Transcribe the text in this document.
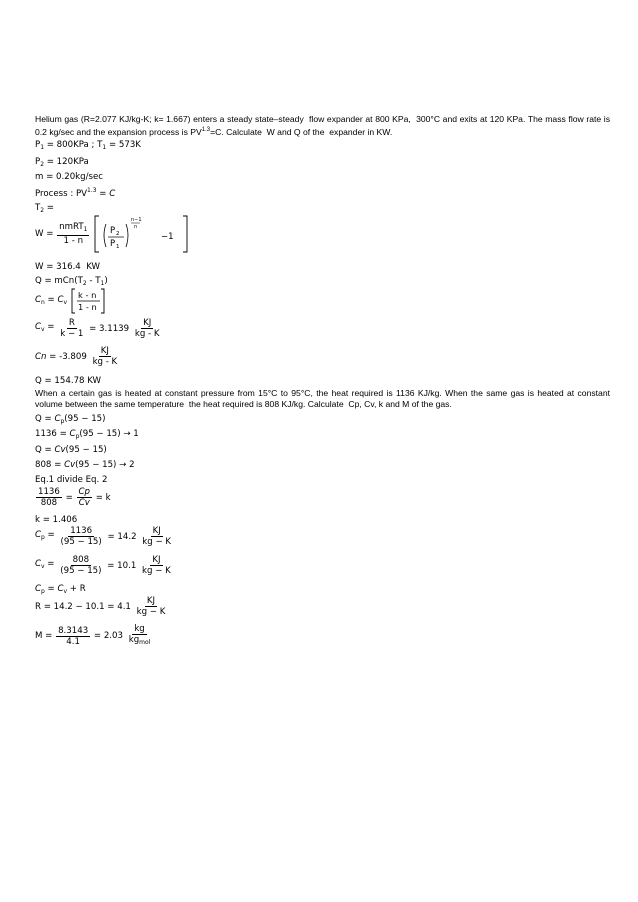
Helium gas (R=2.077 KJ/kg-K; k= 1.667) enters a steady state–steady  flow expander at 800 KPa,  300°C and exits at 120 KPa. The mass flow rate is 0.2 kg/sec and the expansion process is $PV^{1.3}=C$. Calculate  W and Q of the  expander in KW.
$P_1 = 800KPa$ ; $T_1 = 573K$
$P_2 = 120KPa$
m = 0.20kg/sec
Process : $PV^{1.3} = C$
$T_2$ =
$W = \frac{nmRT_1}{1 - n}$
P 2
P 1
n−1
n
−1
W = 316.4  KW
$Q = mCn(T_2 - T_1)$
$C_n = C_v$
k - n
1 - n
$C_v = \frac{R}{k - 1} = 3.1139 \frac{KJ}{kg - K}$
$Cn = -3.809 \frac{KJ}{kg - K}$
Q = 154.78 KW
When a certain gas is heated at constant pressure from 15°C to 95°C, the heat required is 1136 KJ/kg. When the same gas is heated at constant volume between the same temperature  the heat required is 808 KJ/kg. Calculate  Cp, Cv, k and M of the gas.
$Q = C_p(95 - 15)$
$1136 = C_p(95 - 15) \to 1$
Q = Cv(95 − 15)
808 = Cv(95 − 15) → 2
Eq.1 divide Eq. 2
$\frac{1136}{808} = \frac{Cp}{Cv} = k$
k = 1.406
$C_p = \frac{1136}{(95 - 15)} = 14.2 \frac{KJ}{kg - K}$
$C_v = \frac{808}{(95 - 15)} = 10.1 \frac{KJ}{kg - K}$
$C_p = C_v + R$
$R = 14.2 - 10.1 = 4.1 \frac{KJ}{kg - K}$
$M = \frac{8.3143}{4.1} = 2.03 \frac{kg}{kg_{mol}}$
